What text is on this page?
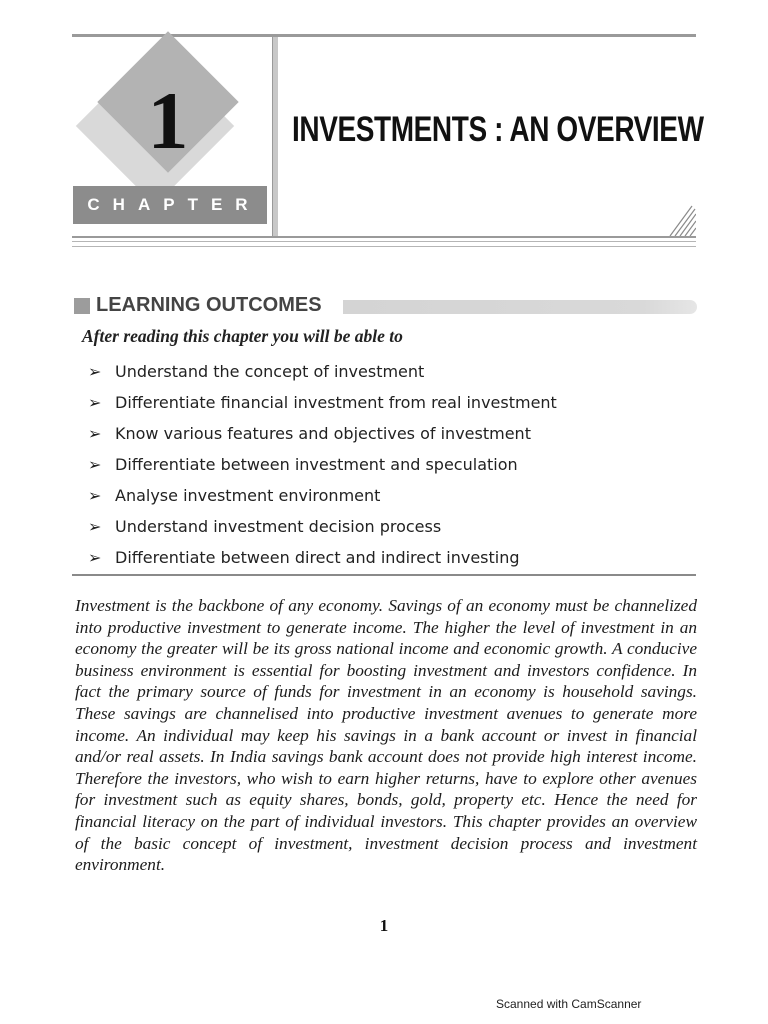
1
CHAPTER
INVESTMENTS : AN OVERVIEW
LEARNING OUTCOMES
After reading this chapter you will be able to
➢ Understand the concept of investment
➢ Differentiate financial investment from real investment
➢ Know various features and objectives of investment
➢ Differentiate between investment and speculation
➢ Analyse investment environment
➢ Understand investment decision process
➢ Differentiate between direct and indirect investing

Investment is the backbone of any economy. Savings of an economy must be channelized into productive investment to generate income. The higher the level of investment in an economy the greater will be its gross national income and economic growth. A conducive business environment is essential for boosting investment and investors confidence. In fact the primary source of funds for investment in an economy is household savings. These savings are channelised into productive investment avenues to generate more income. An individual may keep his savings in a bank account or invest in financial and/or real assets. In India savings bank account does not provide high interest income. Therefore the investors, who wish to earn higher returns, have to explore other avenues for investment such as equity shares, bonds, gold, property etc. Hence the need for financial literacy on the part of individual investors. This chapter provides an overview of the basic concept of investment, investment decision process and investment environment.

1
Scanned with CamScanner
